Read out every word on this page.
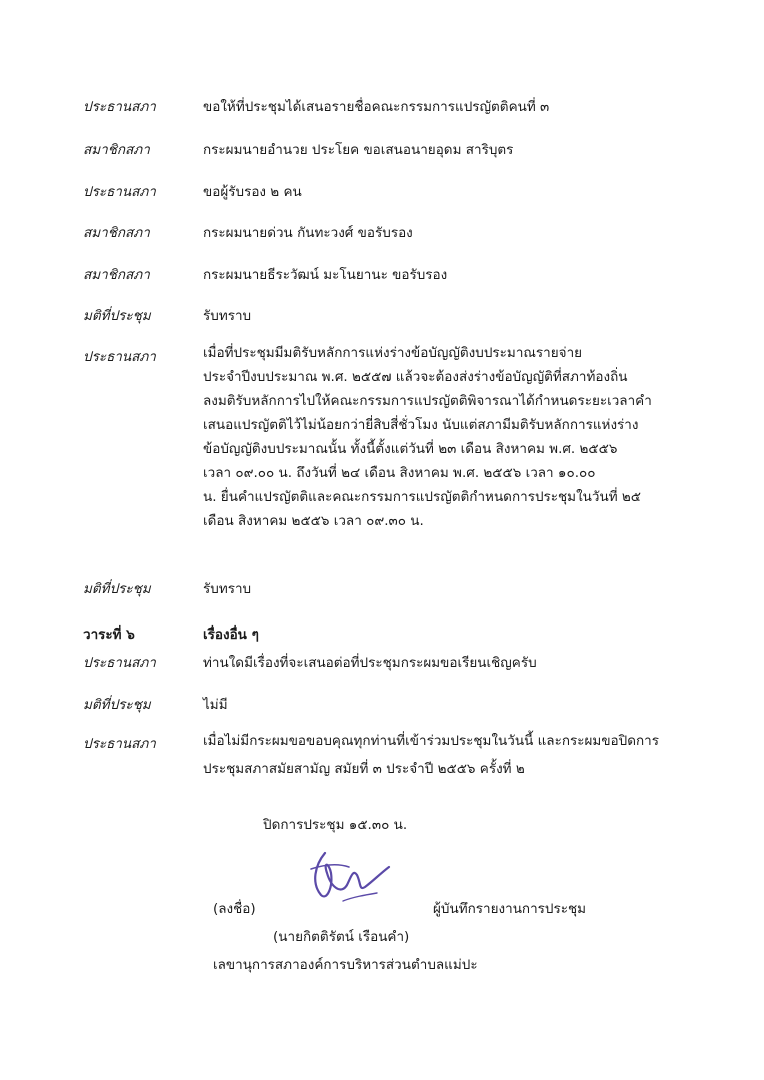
ประธานสภา	ขอให้ที่ประชุมได้เสนอรายชื่อคณะกรรมการแปรญัตติคนที่ ๓
สมาชิกสภา	กระผมนายอำนวย ประโยค ขอเสนอนายอุดม สาริบุตร
ประธานสภา	ขอผู้รับรอง ๒ คน
สมาชิกสภา	กระผมนายด่วน กันทะวงศ์ ขอรับรอง
สมาชิกสภา	กระผมนายธีระวัฒน์ มะโนยานะ ขอรับรอง
มติที่ประชุม	รับทราบ
ประธานสภา	เมื่อที่ประชุมมีมติรับหลักการแห่งร่างข้อบัญญัติงบประมาณรายจ่าย
ประจำปีงบประมาณ พ.ศ. ๒๕๕๗ แล้วจะต้องส่งร่างข้อบัญญัติที่สภาท้องถิ่น
ลงมติรับหลักการไปให้คณะกรรมการแปรญัตติพิจารณาได้กำหนดระยะเวลาคำ
เสนอแปรญัตติไว้ไม่น้อยกว่ายี่สิบสี่ชั่วโมง นับแต่สภามีมติรับหลักการแห่งร่าง
ข้อบัญญัติงบประมาณนั้น ทั้งนี้ตั้งแต่วันที่ ๒๓ เดือน สิงหาคม พ.ศ. ๒๕๕๖
เวลา ๐๙.๐๐ น. ถึงวันที่ ๒๔ เดือน สิงหาคม พ.ศ. ๒๕๕๖ เวลา ๑๐.๐๐
น. ยื่นคำแปรญัตติและคณะกรรมการแปรญัตติกำหนดการประชุมในวันที่ ๒๕
เดือน สิงหาคม ๒๕๕๖ เวลา ๐๙.๓๐ น.
มติที่ประชุม	รับทราบ
วาระที่ ๖	เรื่องอื่น ๆ
ประธานสภา	ท่านใดมีเรื่องที่จะเสนอต่อที่ประชุมกระผมขอเรียนเชิญครับ
มติที่ประชุม	ไม่มี
ประธานสภา	เมื่อไม่มีกระผมขอขอบคุณทุกท่านที่เข้าร่วมประชุมในวันนี้ และกระผมขอปิดการ
ประชุมสภาสมัยสามัญ สมัยที่ ๓ ประจำปี ๒๕๕๖ ครั้งที่ ๒
ปิดการประชุม ๑๕.๓๐ น.
(ลงชื่อ)	ผู้บันทึกรายงานการประชุม
(นายกิตติรัตน์ เรือนคำ)
เลขานุการสภาองค์การบริหารส่วนตำบลแม่ปะ
